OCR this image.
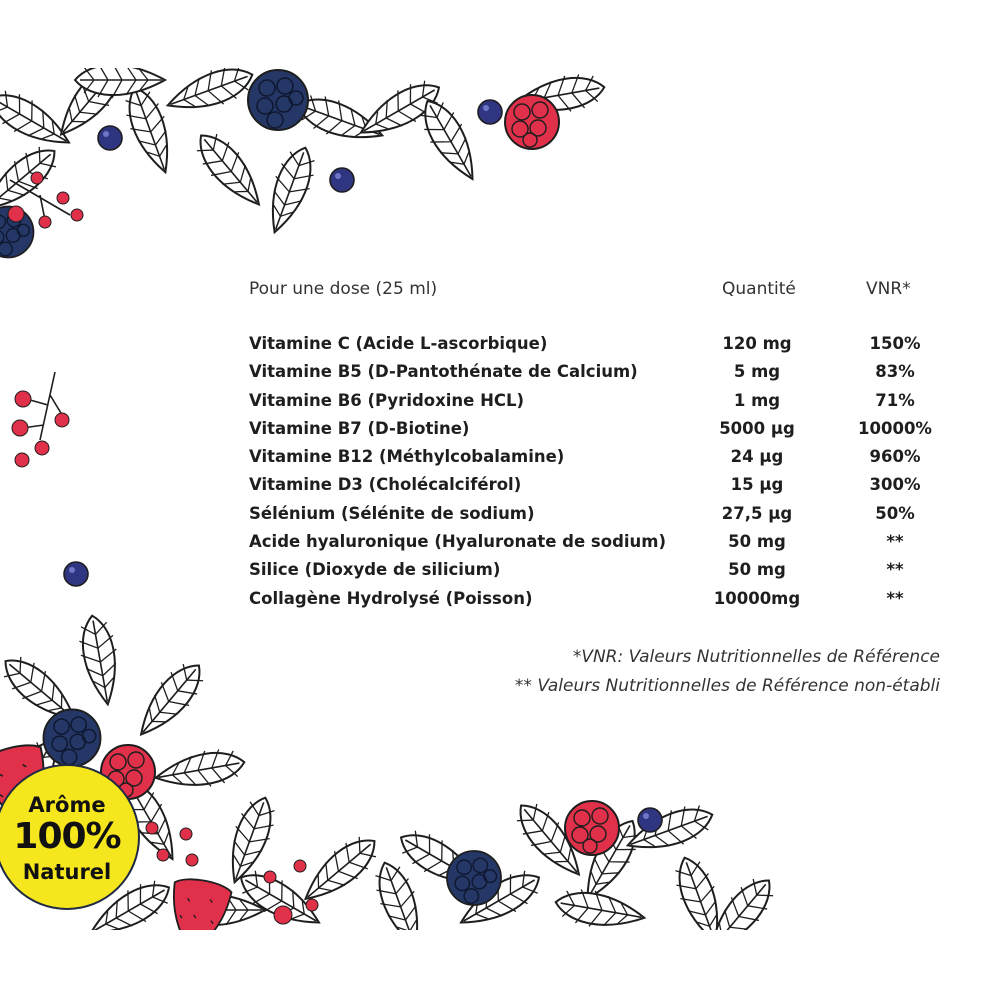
Pour une dose (25 ml)	Quantité	VNR*
Vitamine C (Acide L-ascorbique)	120 mg	150%
Vitamine B5 (D-Pantothénate de Calcium)	5 mg	83%
Vitamine B6 (Pyridoxine HCL)	1 mg	71%
Vitamine B7 (D-Biotine)	5000 µg	10000%
Vitamine B12 (Méthylcobalamine)	24 µg	960%
Vitamine D3 (Cholécalciférol)	15 µg	300%
Sélénium (Sélénite de sodium)	27,5 µg	50%
Acide hyaluronique (Hyaluronate de sodium)	50 mg	**
Silice (Dioxyde de silicium)	50 mg	**
Collagène Hydrolysé (Poisson)	10000mg	**
*VNR: Valeurs Nutritionnelles de Référence
** Valeurs Nutritionnelles de Référence non-établi
Arôme
100%
Naturel
